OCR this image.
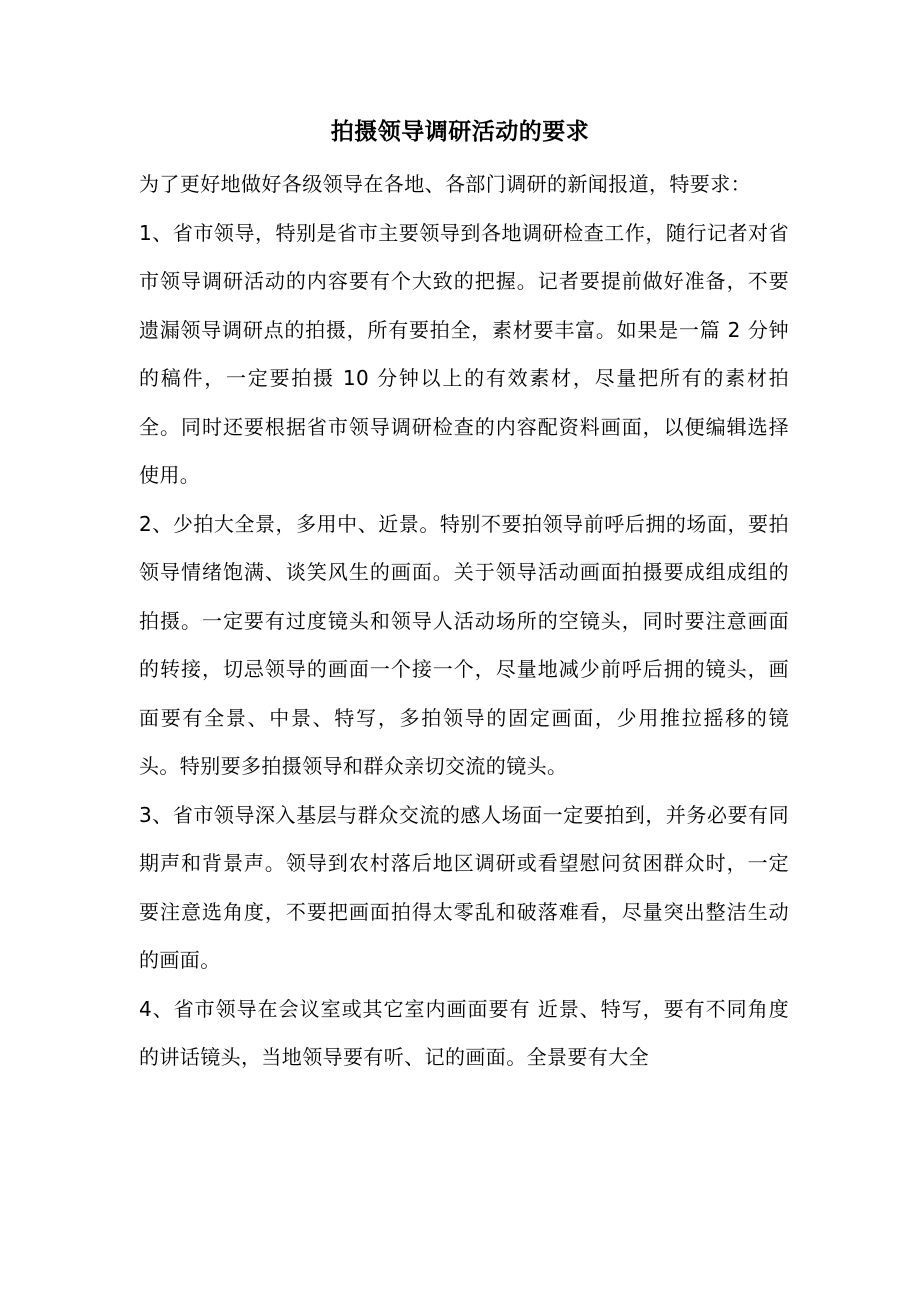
拍摄领导调研活动的要求

为了更好地做好各级领导在各地、各部门调研的新闻报道，特要求：

1、省市领导，特别是省市主要领导到各地调研检查工作，随行记者对省市领导调研活动的内容要有个大致的把握。记者要提前做好准备，不要遗漏领导调研点的拍摄，所有要拍全，素材要丰富。如果是一篇 2 分钟的稿件，一定要拍摄 10 分钟以上的有效素材，尽量把所有的素材拍全。同时还要根据省市领导调研检查的内容配资料画面，以便编辑选择使用。

2、少拍大全景，多用中、近景。特别不要拍领导前呼后拥的场面，要拍领导情绪饱满、谈笑风生的画面。关于领导活动画面拍摄要成组成组的拍摄。一定要有过度镜头和领导人活动场所的空镜头，同时要注意画面的转接，切忌领导的画面一个接一个，尽量地减少前呼后拥的镜头，画面要有全景、中景、特写，多拍领导的固定画面，少用推拉摇移的镜头。特别要多拍摄领导和群众亲切交流的镜头。

3、省市领导深入基层与群众交流的感人场面一定要拍到，并务必要有同期声和背景声。领导到农村落后地区调研或看望慰问贫困群众时，一定要注意选角度，不要把画面拍得太零乱和破落难看，尽量突出整洁生动的画面。

4、省市领导在会议室或其它室内画面要有 近景、特写，要有不同角度的讲话镜头，当地领导要有听、记的画面。全景要有大全
